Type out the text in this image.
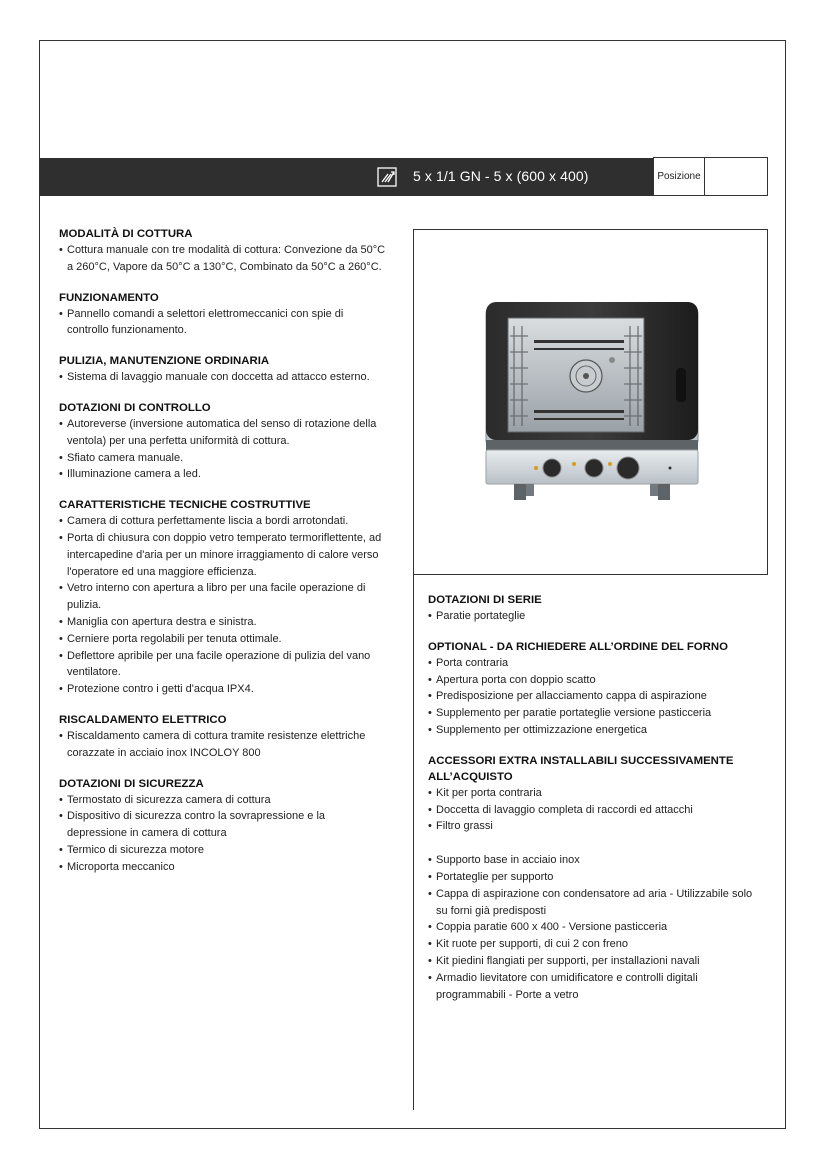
5 x 1/1 GN - 5 x (600 x 400)	Posizione
MODALITÀ DI COTTURA
• Cottura manuale con tre modalità di cottura: Convezione da 50°C
a 260°C, Vapore da 50°C a 130°C, Combinato da 50°C a 260°C.
FUNZIONAMENTO
• Pannello comandi a selettori elettromeccanici con spie di
controllo funzionamento.
PULIZIA, MANUTENZIONE ORDINARIA
• Sistema di lavaggio manuale con doccetta ad attacco esterno.
DOTAZIONI DI CONTROLLO
• Autoreverse (inversione automatica del senso di rotazione della
ventola) per una perfetta uniformità di cottura.
• Sfiato camera manuale.
• Illuminazione camera a led.
CARATTERISTICHE TECNICHE COSTRUTTIVE
• Camera di cottura perfettamente liscia a bordi arrotondati.
• Porta di chiusura con doppio vetro temperato termoriflettente, ad
intercapedine d'aria per un minore irraggiamento di calore verso
l'operatore ed una maggiore efficienza.
• Vetro interno con apertura a libro per una facile operazione di
pulizia.
• Maniglia con apertura destra e sinistra.
• Cerniere porta regolabili per tenuta ottimale.
• Deflettore apribile per una facile operazione di pulizia del vano
ventilatore.
• Protezione contro i getti d'acqua IPX4.
RISCALDAMENTO ELETTRICO
• Riscaldamento camera di cottura tramite resistenze elettriche
corazzate in acciaio inox INCOLOY 800
DOTAZIONI DI SICUREZZA
• Termostato di sicurezza camera di cottura
• Dispositivo di sicurezza contro la sovrapressione e la
depressione in camera di cottura
• Termico di sicurezza motore
• Microporta meccanico
DOTAZIONI DI SERIE
• Paratie portateglie
OPTIONAL - DA RICHIEDERE ALL’ORDINE DEL FORNO
• Porta contraria
• Apertura porta con doppio scatto
• Predisposizione per allacciamento cappa di aspirazione
• Supplemento per paratie portateglie versione pasticceria
• Supplemento per ottimizzazione energetica
ACCESSORI EXTRA INSTALLABILI SUCCESSIVAMENTE
ALL’ACQUISTO
• Kit per porta contraria
• Doccetta di lavaggio completa di raccordi ed attacchi
• Filtro grassi
• Supporto base in acciaio inox
• Portateglie per supporto
• Cappa di aspirazione con condensatore ad aria - Utilizzabile solo
su forni già predisposti
• Coppia paratie 600 x 400 - Versione pasticceria
• Kit ruote per supporti, di cui 2 con freno
• Kit piedini flangiati per supporti, per installazioni navali
• Armadio lievitatore con umidificatore e controlli digitali
programmabili - Porte a vetro
